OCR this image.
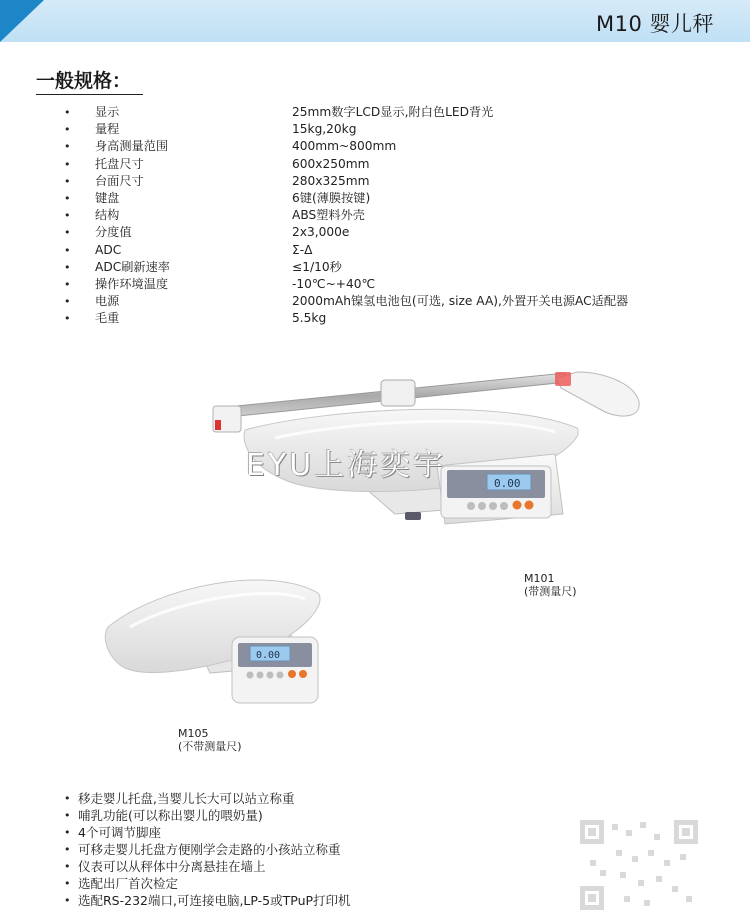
M10 婴儿秤
一般规格：
• 显示	25mm数字LCD显示,附白色LED背光
• 量程	15kg,20kg
• 身高测量范围	400mm~800mm
• 托盘尺寸	600x250mm
• 台面尺寸	280x325mm
• 键盘	6键(薄膜按键)
• 结构	ABS塑料外壳
• 分度值	2x3,000e
• ADC	Σ-Δ
• ADC刷新速率	≤1/10秒
• 操作环境温度	-10℃~+40℃
• 电源	2000mAh镍氢电池包(可选, size AA),外置开关电源AC适配器
• 毛重	5.5kg
0.00
EYU上海奕宇
M101
(带测量尺)
0.00
M105
(不带测量尺)
• 移走婴儿托盘,当婴儿长大可以站立称重
• 哺乳功能(可以称出婴儿的喂奶量)
• 4个可调节脚座
• 可移走婴儿托盘方便刚学会走路的小孩站立称重
• 仪表可以从秤体中分离悬挂在墙上
• 选配出厂首次检定
• 选配RS-232端口,可连接电脑,LP-5或TPuP打印机
